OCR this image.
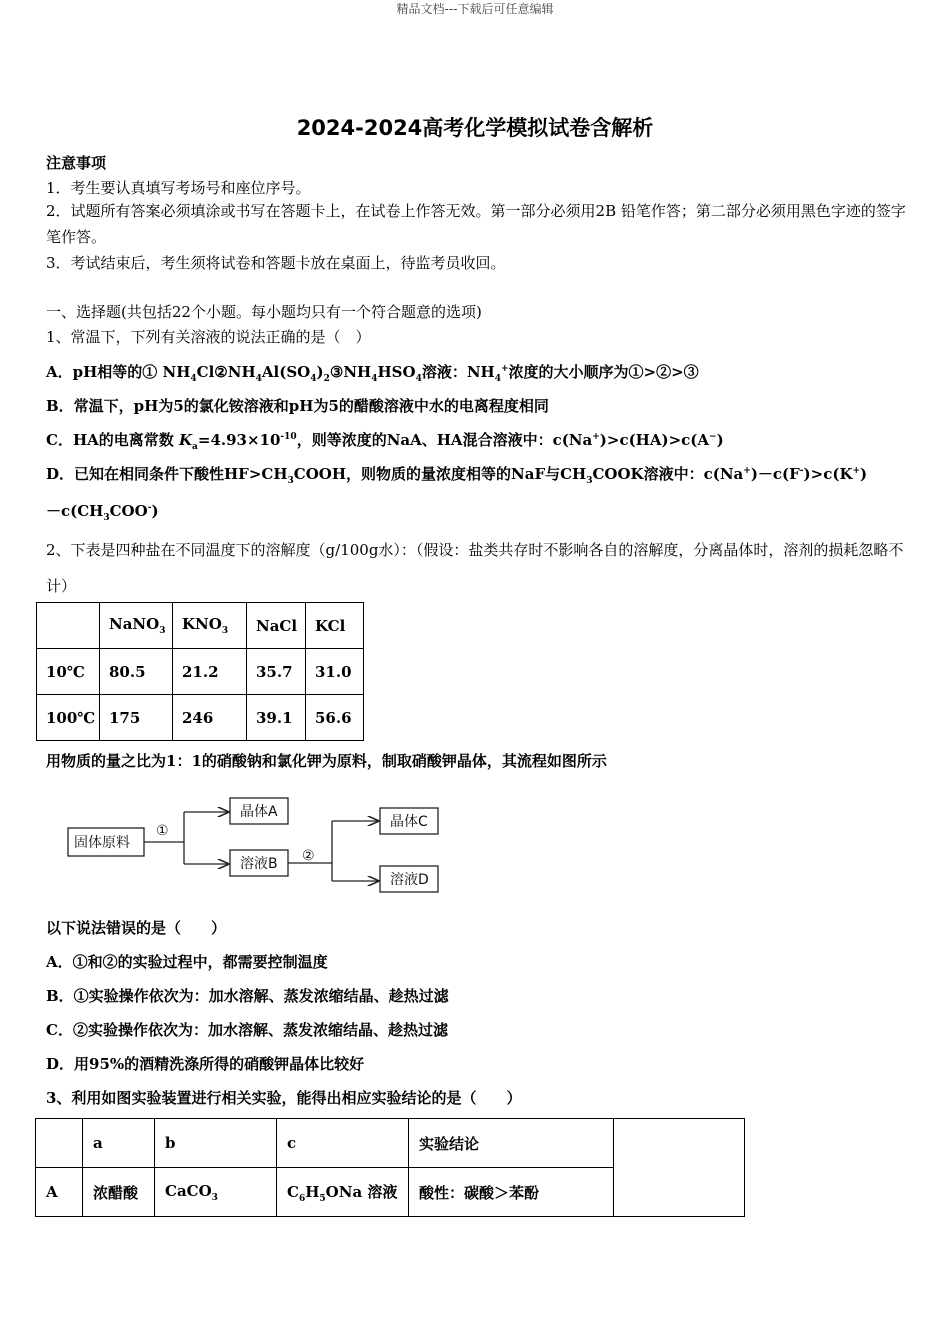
精品文档---下载后可任意编辑
2024-2024高考化学模拟试卷含解析
注意事项
1．考生要认真填写考场号和座位序号。
2．试题所有答案必须填涂或书写在答题卡上，在试卷上作答无效。第一部分必须用2B 铅笔作答；第二部分必须用黑色字迹的签字笔作答。
3．考试结束后，考生须将试卷和答题卡放在桌面上，待监考员收回。
一、选择题(共包括22个小题。每小题均只有一个符合题意的选项)
1、常温下，下列有关溶液的说法正确的是（　）
A．pH相等的① $NH_4Cl②NH_4Al(SO_4)_2③NH_4HSO_4$溶液：$NH_4^+$浓度的大小顺序为①>②>③
B．常温下，pH为5的氯化铵溶液和pH为5的醋酸溶液中水的电离程度相同
C．HA的电离常数 $K_a=4.93\times 10^{-10}$，则等浓度的NaA、HA混合溶液中：c(Na+)>c(HA)>c(A−)
D．已知在相同条件下酸性$HF>CH_3COOH$，则物质的量浓度相等的NaF与$CH_3COOK$溶液中：c(Na+)－c(F-)>c(K+)
$-c(CH_3COO^-)$
2、下表是四种盐在不同温度下的溶解度（g/100g水）：（假设：盐类共存时不影响各自的溶解度，分离晶体时，溶剂的损耗忽略不计）
	NaNO$_3$	$KNO_3$	NaCl	KCl
10℃	80.5	21.2	35.7	31.0
100℃	175	246	39.1	56.6
用物质的量之比为1：1的硝酸钠和氯化钾为原料，制取硝酸钾晶体，其流程如图所示
固体原料
①
晶体A
溶液B ②
晶体C
溶液D
以下说法错误的是（　　）
A．①和②的实验过程中，都需要控制温度
B．①实验操作依次为：加水溶解、蒸发浓缩结晶、趁热过滤
C．②实验操作依次为：加水溶解、蒸发浓缩结晶、趁热过滤
D．用95%的酒精洗涤所得的硝酸钾晶体比较好
3、利用如图实验装置进行相关实验，能得出相应实验结论的是（　　）
	a	b	c	实验结论	
A	浓醋酸	CaCO$_3$	$C_6H_5ONa$ 溶液	酸性：碳酸＞苯酚	
